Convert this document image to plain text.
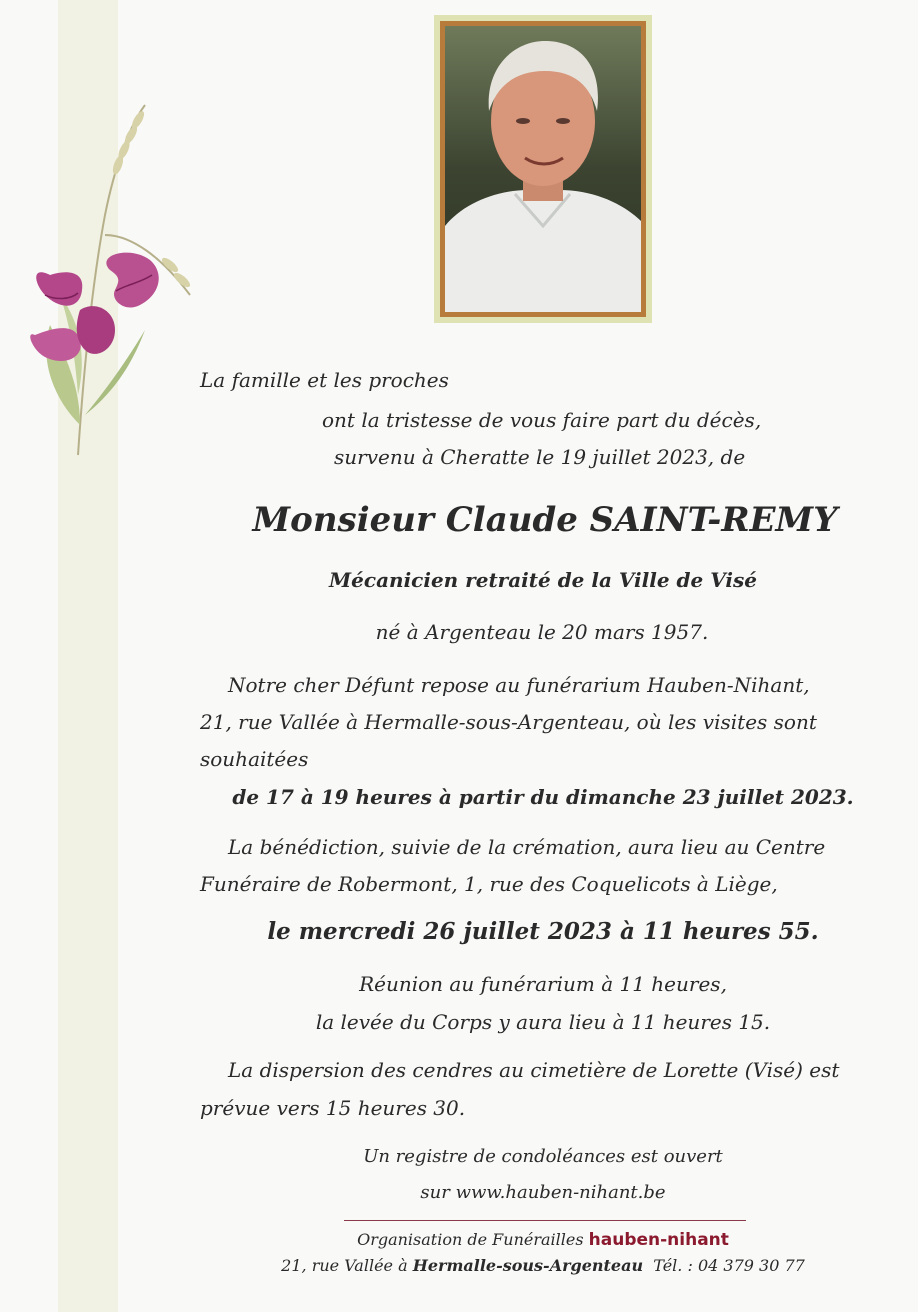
La famille et les proches
ont la tristesse de vous faire part du décès,
survenu à Cheratte le 19 juillet 2023, de
Monsieur Claude SAINT-REMY
Mécanicien retraité de la Ville de Visé
né à Argenteau le 20 mars 1957.
Notre cher Défunt repose au funérarium Hauben-Nihant,
21, rue Vallée à Hermalle-sous-Argenteau, où les visites sont
souhaitées
de 17 à 19 heures à partir du dimanche 23 juillet 2023.
La bénédiction, suivie de la crémation, aura lieu au Centre
Funéraire de Robermont, 1, rue des Coquelicots à Liège,
le mercredi 26 juillet 2023 à 11 heures 55.
Réunion au funérarium à 11 heures,
la levée du Corps y aura lieu à 11 heures 15.
La dispersion des cendres au cimetière de Lorette (Visé) est
prévue vers 15 heures 30.
Un registre de condoléances est ouvert
sur www.hauben-nihant.be
Organisation de Funérailles hauben-nihant
21, rue Vallée à Hermalle-sous-Argenteau Tél. : 04 379 30 77
